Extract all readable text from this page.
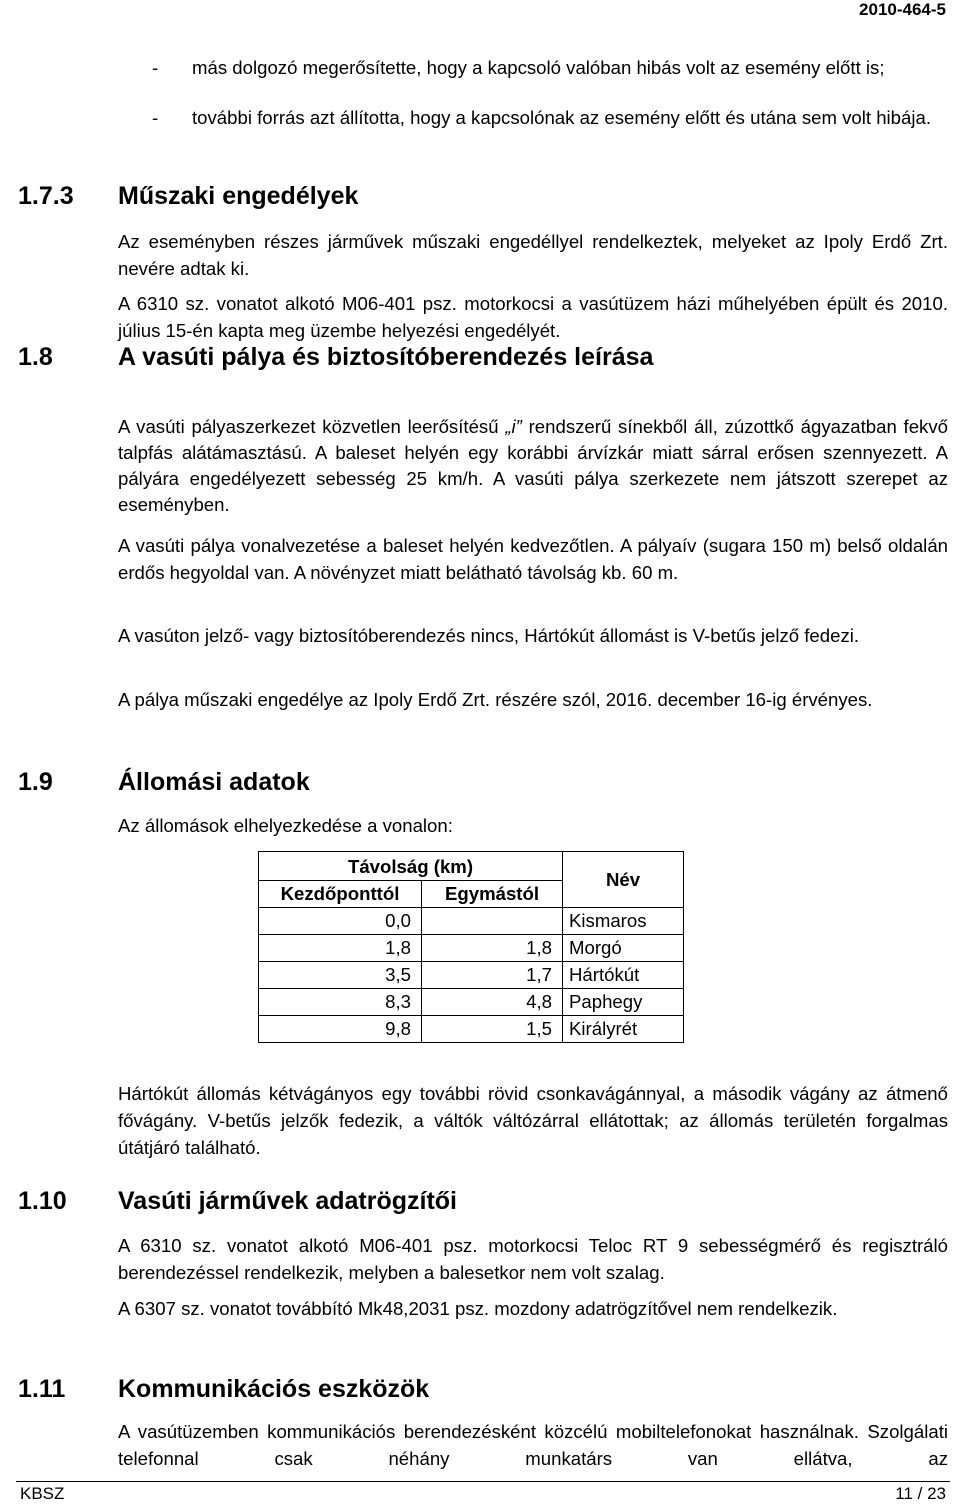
2010-464-5
- más dolgozó megerősítette, hogy a kapcsoló valóban hibás volt az esemény előtt is;
- további forrás azt állította, hogy a kapcsolónak az esemény előtt és utána sem volt hibája.
1.7.3 Műszaki engedélyek

Az eseményben részes járművek műszaki engedéllyel rendelkeztek, melyeket az Ipoly Erdő Zrt. nevére adtak ki.

A 6310 sz. vonatot alkotó M06-401 psz. motorkocsi a vasútüzem házi műhelyében épült és 2010. július 15-én kapta meg üzembe helyezési engedélyét.

1.8	A vasúti pálya és biztosítóberendezés leírása

A vasúti pályaszerkezet közvetlen leerősítésű „i” rendszerű sínekből áll, zúzottkő ágyazatban fekvő talpfás alátámasztású. A baleset helyén egy korábbi árvízkár miatt sárral erősen szennyezett. A pályára engedélyezett sebesség 25 km/h. A vasúti pálya szerkezete nem játszott szerepet az eseményben.

A vasúti pálya vonalvezetése a baleset helyén kedvezőtlen. A pályaív (sugara 150 m) belső oldalán erdős hegyoldal van. A növényzet miatt belátható távolság kb. 60 m.

A vasúton jelző- vagy biztosítóberendezés nincs, Hártókút állomást is V-betűs jelző fedezi.

A pálya műszaki engedélye az Ipoly Erdő Zrt. részére szól, 2016. december 16-ig érvényes.

1.9	Állomási adatok

Az állomások elhelyezkedése a vonalon:

Távolság (km)		Név
Kezdőponttól	Egymástól	
0,0		Kismaros
1,8	1,8	Morgó
3,5	1,7	Hártókút
8,3	4,8	Paphegy
9,8	1,5	Királyrét

Hártókút állomás kétvágányos egy további rövid csonkavágánnyal, a második vágány az átmenő fővágány. V-betűs jelzők fedezik, a váltók váltózárral ellátottak; az állomás területén forgalmas útátjáró található.

1.10 Vasúti járművek adatrögzítői

A 6310 sz. vonatot alkotó M06-401 psz. motorkocsi Teloc RT 9 sebességmérő és regisztráló berendezéssel rendelkezik, melyben a balesetkor nem volt szalag.

A 6307 sz. vonatot továbbító Mk48,2031 psz. mozdony adatrögzítővel nem rendelkezik.

1.11 Kommunikációs eszközök

A vasútüzemben kommunikációs berendezésként közcélú mobiltelefonokat használnak. Szolgálati telefonnal csak néhány munkatárs van ellátva, az

KBSZ	11 / 23
